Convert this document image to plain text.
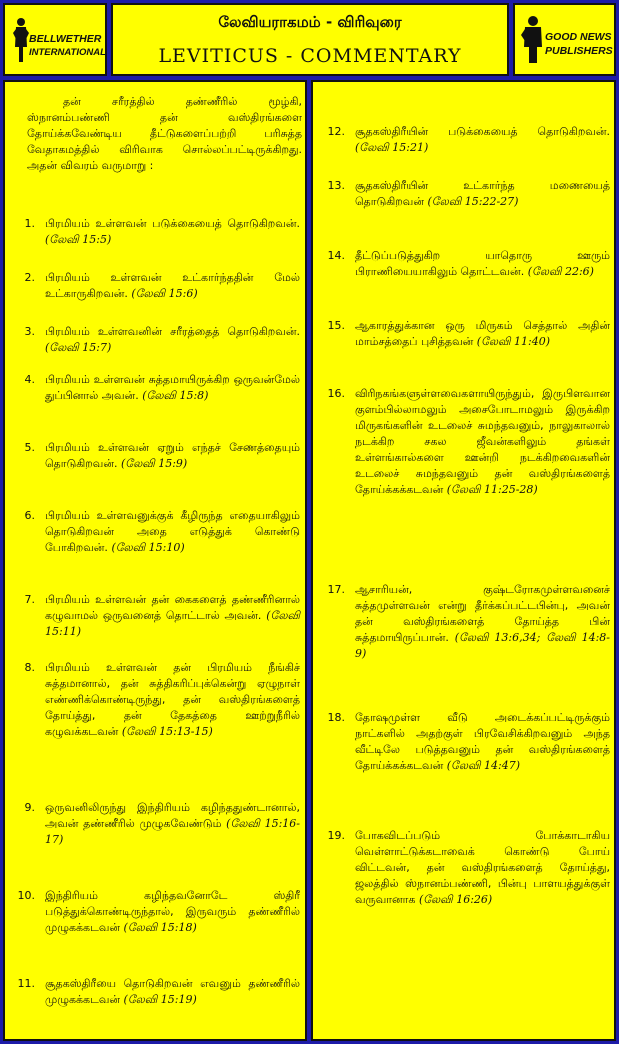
BELLWETHER
INTERNATIONAL
லேவியராகமம் - விரிவுரை
LEVITICUS - COMMENTARY
GOOD NEWS
PUBLISHERS
தன் சரீரத்தில் தண்ணீரில் மூழ்கி, ஸ்நானம்பண்ணி தன் வஸ்திரங்களை தோய்க்கவேண்டிய தீட்டுகளைப்பற்றி பரிசுத்த வேதாகமத்தில் விரிவாக சொல்லப்பட்டிருக்கிறது. அதன் விவரம் வருமாறு :
1. பிரமியம் உள்ளவன் படுக்கையைத் தொடுகிறவன். (லேவி 15:5)
2. பிரமியம் உள்ளவன் உட்கார்ந்ததின் மேல் உட்காருகிறவன். (லேவி 15:6)
3. பிரமியம் உள்ளவனின் சரீரத்தைத் தொடுகிறவன். (லேவி 15:7)
4. பிரமியம் உள்ளவன் சுத்தமாயிருக்கிற ஒருவன்மேல் துப்பினால் அவன். (லேவி 15:8)
5. பிரமியம் உள்ளவன் ஏறும் எந்தச் சேணத்தையும் தொடுகிறவன். (லேவி 15:9)
6. பிரமியம் உள்ளவனுக்குக் கீழிருந்த எதையாகிலும் தொடுகிறவன் அதை எடுத்துக் கொண்டு போகிறவன். (லேவி 15:10)
7. பிரமியம் உள்ளவன் தன் கைகளைத் தண்ணீரினால் கழுவாமல் ஒருவனைத் தொட்டால் அவன். (லேவி 15:11)
8. பிரமியம் உள்ளவன் தன் பிரமியம் நீங்கிச் சுத்தமானால், தன் சுத்திகரிப்புக்கென்று ஏழுநாள் எண்ணிக்கொண்டிருந்து, தன் வஸ்திரங்களைத் தோய்த்து, தன் தேகத்தை ஊற்றுநீரில் கழுவக்கடவன் (லேவி 15:13-15)
9. ஒருவனிலிருந்து இந்திரியம் கழிந்ததுண்டானால், அவன் தண்ணீரில் முழுகவேண்டும் (லேவி 15:16-17)
10. இந்திரியம் கழிந்தவனோடே ஸ்திரீ படுத்துக்கொண்டிருந்தால், இருவரும் தண்ணீரில் முழுகக்கடவன் (லேவி 15:18)
11. சூதகஸ்திரீயை தொடுகிறவன் எவனும் தண்ணீரில் முழுகக்கடவன் (லேவி 15:19)
12. சூதகஸ்திரீயின் படுக்கையைத் தொடுகிறவன். (லேவி 15:21)
13. சூதகஸ்திரீயின் உட்கார்ந்த மணையைத் தொடுகிறவன் (லேவி 15:22-27)
14. தீட்டுப்படுத்துகிற யாதொரு ஊரும் பிராணியையாகிலும் தொட்டவன். (லேவி 22:6)
15. ஆகாரத்துக்கான ஒரு மிருகம் செத்தால் அதின் மாம்சத்தைப் புசித்தவன் (லேவி 11:40)
16. விரிநகங்களுள்ளவைகளாயிருந்தும், இருபிளவான குளம்பில்லாமலும் அசைபோடாமலும் இருக்கிற மிருகங்களின் உடலைச் சுமந்தவனும், நாலுகாலால் நடக்கிற சகல ஜீவன்களிலும் தங்கள் உள்ளங்கால்களை ஊன்றி நடக்கிறவைகளின் உடலைச் சுமந்தவனும் தன் வஸ்திரங்களைத் தோய்க்கக்கடவன் (லேவி 11:25-28)
17. ஆசாரியன், குஷ்டரோகமுள்ளவனைச் சுத்தமுள்ளவன் என்று தீர்க்கப்பட்டபின்பு, அவன் தன் வஸ்திரங்களைத் தோய்த்த பின் சுத்தமாயிருப்பான். (லேவி 13:6,34; லேவி 14:8-9)
18. தோஷமுள்ள வீடு அடைக்கப்பட்டிருக்கும் நாட்களில் அதற்குள் பிரவேசிக்கிறவனும் அந்த வீட்டிலே படுத்தவனும் தன் வஸ்திரங்களைத் தோய்க்கக்கடவன் (லேவி 14:47)
19. போகவிடப்படும் போக்காடாகிய வெள்ளாட்டுக்கடாவைக் கொண்டு போய் விட்டவன், தன் வஸ்திரங்களைத் தோய்த்து, ஜலத்தில் ஸ்நானம்பண்ணி, பின்பு பாளயத்துக்குள் வருவானாக (லேவி 16:26)
